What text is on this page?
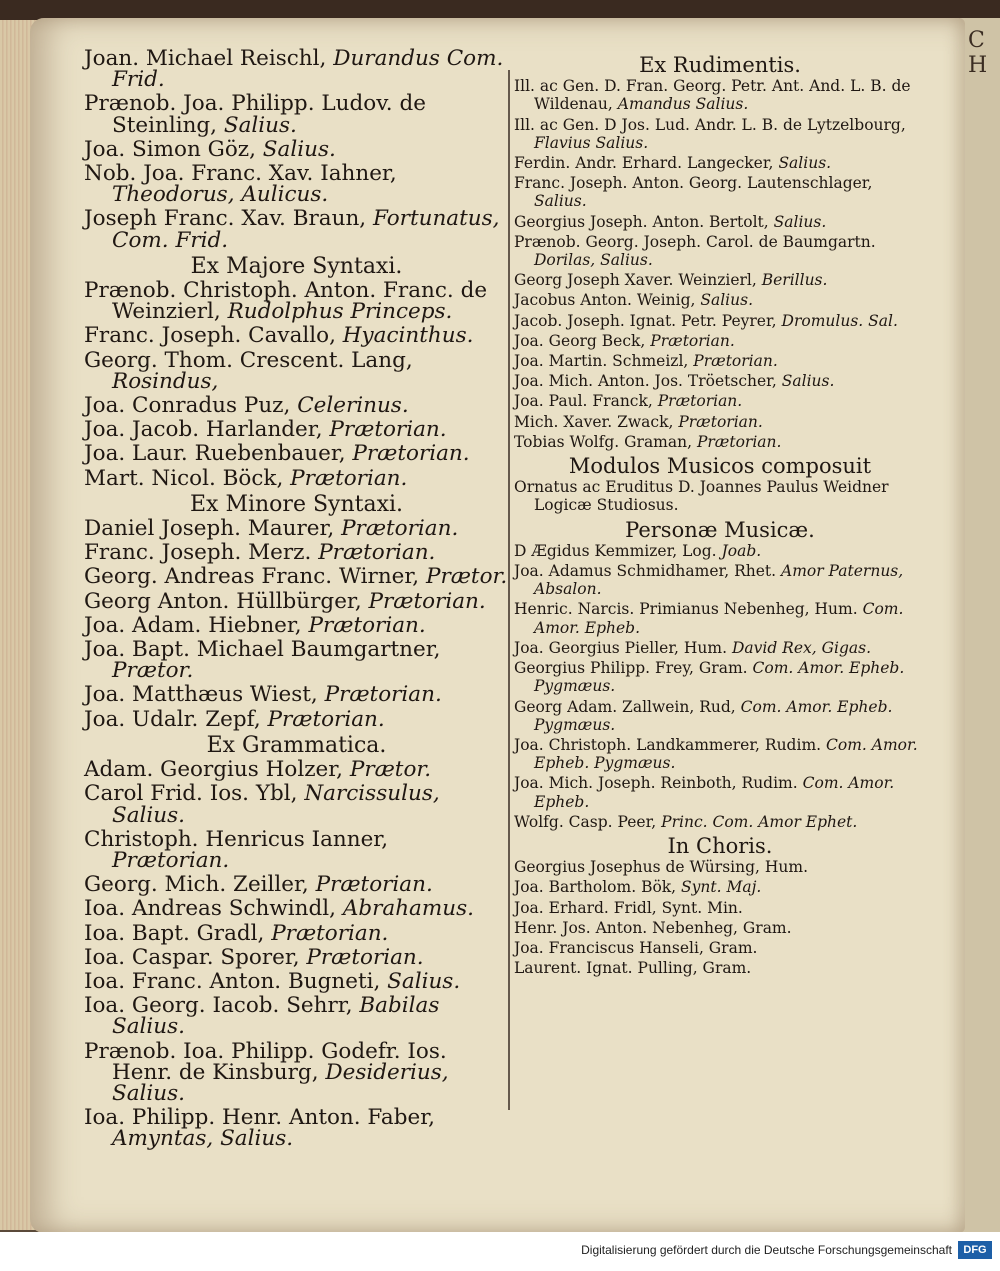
C H
Joan. Michael Reischl, Durandus Com. Frid.
Prænob. Joa. Philipp. Ludov. de Steinling, Salius.
Joa. Simon Göz, Salius.
Nob. Joa. Franc. Xav. Iahner, Theodorus, Aulicus.
Joseph Franc. Xav. Braun, Fortunatus, Com. Frid.
Ex Majore Syntaxi.
Prænob. Christoph. Anton. Franc. de Weinzierl, Rudolphus Princeps.
Franc. Joseph. Cavallo, Hyacinthus.
Georg. Thom. Crescent. Lang, Rosindus,
Joa. Conradus Puz, Celerinus.
Joa. Jacob. Harlander, Prætorian.
Joa. Laur. Ruebenbauer, Prætorian.
Mart. Nicol. Böck, Prætorian.
Ex Minore Syntaxi.
Daniel Joseph. Maurer, Prætorian.
Franc. Joseph. Merz. Prætorian.
Georg. Andreas Franc. Wirner, Prætor.
Georg Anton. Hüllbürger, Prætorian.
Joa. Adam. Hiebner, Prætorian.
Joa. Bapt. Michael Baumgartner, Prætor.
Joa. Matthæus Wiest, Prætorian.
Joa. Udalr. Zepf, Prætorian.
Ex Grammatica.
Adam. Georgius Holzer, Prætor.
Carol Frid. Ios. Ybl, Narcissulus, Salius.
Christoph. Henricus Ianner, Prætorian.
Georg. Mich. Zeiller, Prætorian.
Ioa. Andreas Schwindl, Abrahamus.
Ioa. Bapt. Gradl, Prætorian.
Ioa. Caspar. Sporer, Prætorian.
Ioa. Franc. Anton. Bugneti, Salius.
Ioa. Georg. Iacob. Sehrr, Babilas Salius.
Prænob. Ioa. Philipp. Godefr. Ios. Henr. de Kinsburg, Desiderius, Salius.
Ioa. Philipp. Henr. Anton. Faber, Amyntas, Salius.
Ex Rudimentis.
Ill. ac Gen. D. Fran. Georg. Petr. Ant. And. L. B. de Wildenau, Amandus Salius.
Ill. ac Gen. D Jos. Lud. Andr. L. B. de Lytzelbourg, Flavius Salius.
Ferdin. Andr. Erhard. Langecker, Salius.
Franc. Joseph. Anton. Georg. Lautenschlager, Salius.
Georgius Joseph. Anton. Bertolt, Salius.
Prænob. Georg. Joseph. Carol. de Baumgartn. Dorilas, Salius.
Georg Joseph Xaver. Weinzierl, Berillus.
Jacobus Anton. Weinig, Salius.
Jacob. Joseph. Ignat. Petr. Peyrer, Dromulus. Sal.
Joa. Georg Beck, Prætorian.
Joa. Martin. Schmeizl, Prætorian.
Joa. Mich. Anton. Jos. Tröetscher, Salius.
Joa. Paul. Franck, Prætorian.
Mich. Xaver. Zwack, Prætorian.
Tobias Wolfg. Graman, Prætorian.
Modulos Musicos composuit
Ornatus ac Eruditus D. Joannes Paulus Weidner Logicæ Studiosus.
Personæ Musicæ.
D Ægidus Kemmizer, Log. Joab.
Joa. Adamus Schmidhamer, Rhet. Amor Paternus, Absalon.
Henric. Narcis. Primianus Nebenheg, Hum. Com. Amor. Epheb.
Joa. Georgius Pieller, Hum. David Rex, Gigas.
Georgius Philipp. Frey, Gram. Com. Amor. Epheb. Pygmæus.
Georg Adam. Zallwein, Rud, Com. Amor. Epheb. Pygmæus.
Joa. Christoph. Landkammerer, Rudim. Com. Amor. Epheb. Pygmæus.
Joa. Mich. Joseph. Reinboth, Rudim. Com. Amor. Epheb.
Wolfg. Casp. Peer, Princ. Com. Amor Ephet.
In Choris.
Georgius Josephus de Würsing, Hum.
Joa. Bartholom. Bök, Synt. Maj.
Joa. Erhard. Fridl, Synt. Min.
Henr. Jos. Anton. Nebenheg, Gram.
Joa. Franciscus Hanseli, Gram.
Laurent. Ignat. Pulling, Gram.
Digitalisierung gefördert durch die Deutsche Forschungsgemeinschaft	DFG
